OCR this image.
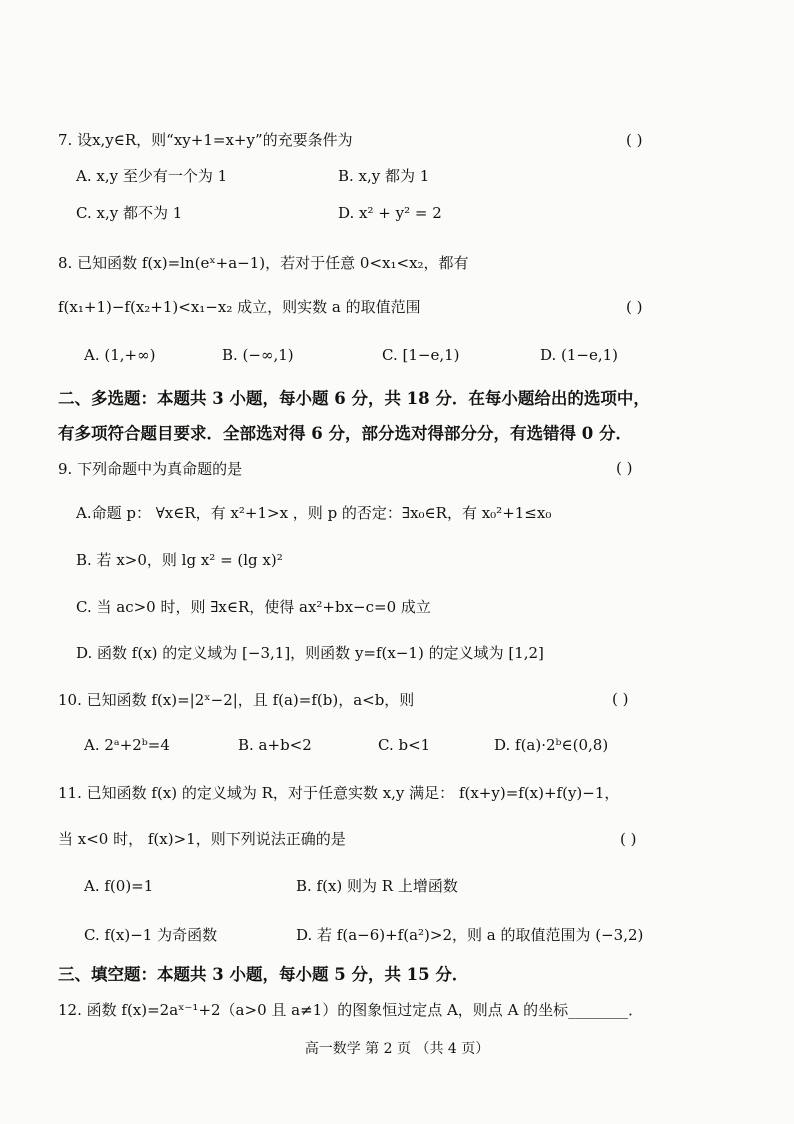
7. 设x,y∈R，则“xy+1=x+y”的充要条件为	( )
A. x,y 至少有一个为 1	B. x,y 都为 1
C. x,y 都不为 1	D. x² + y² = 2
8. 已知函数 f(x)=ln(eˣ+a−1)，若对于任意 0<x₁<x₂，都有
f(x₁+1)−f(x₂+1)<x₁−x₂ 成立，则实数 a 的取值范围	( )
A. (1,+∞)	B. (−∞,1)	C. [1−e,1)	D. (1−e,1)
二、多选题：本题共 3 小题，每小题 6 分，共 18 分．在每小题给出的选项中，
有多项符合题目要求．全部选对得 6 分，部分选对得部分分，有选错得 0 分．
9. 下列命题中为真命题的是	( )
A.命题 p： ∀x∈R，有 x²+1>x ，则 p 的否定：∃x₀∈R，有 x₀²+1≤x₀
B. 若 x>0，则 lg x² = (lg x)²
C. 当 ac>0 时，则 ∃x∈R，使得 ax²+bx−c=0 成立
D. 函数 f(x) 的定义域为 [−3,1]，则函数 y=f(x−1) 的定义域为 [1,2]
10. 已知函数 f(x)=|2ˣ−2|，且 f(a)=f(b)，a<b，则	( )
A. 2ᵃ+2ᵇ=4	B. a+b<2	C. b<1	D. f(a)·2ᵇ∈(0,8)
11. 已知函数 f(x) 的定义域为 R，对于任意实数 x,y 满足： f(x+y)=f(x)+f(y)−1，
当 x<0 时， f(x)>1，则下列说法正确的是	( )
A. f(0)=1	B. f(x) 则为 R 上增函数
C. f(x)−1 为奇函数	D. 若 f(a−6)+f(a²)>2，则 a 的取值范围为 (−3,2)
三、填空题：本题共 3 小题，每小题 5 分，共 15 分．
12. 函数 f(x)=2aˣ⁻¹+2（a>0 且 a≠1）的图象恒过定点 A，则点 A 的坐标________．
高一数学 第 2 页 （共 4 页）
